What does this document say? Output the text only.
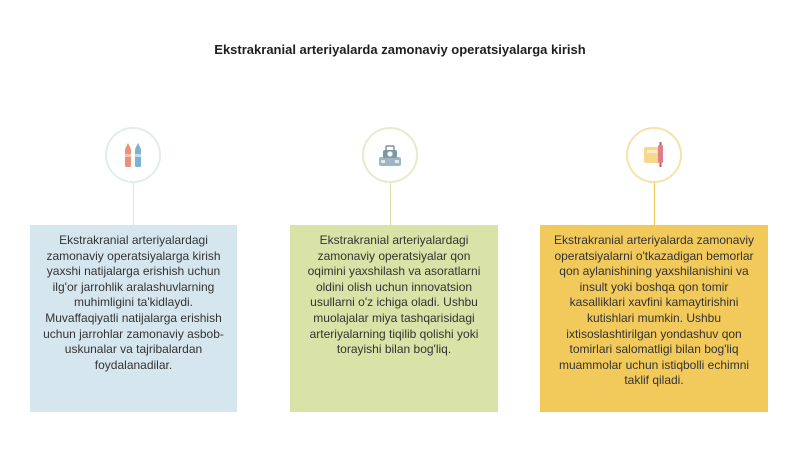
Ekstrakranial arteriyalarda zamonaviy operatsiyalarga kirish
Ekstrakranial arteriyalardagi zamonaviy operatsiyalarga kirish yaxshi natijalarga erishish uchun ilg'or jarrohlik aralashuvlarning muhimligini ta'kidlaydi. Muvaffaqiyatli natijalarga erishish uchun jarrohlar zamonaviy asbob-uskunalar va tajribalardan foydalanadilar.
Ekstrakranial arteriyalardagi zamonaviy operatsiyalar qon oqimini yaxshilash va asoratlarni oldini olish uchun innovatsion usullarni o'z ichiga oladi. Ushbu muolajalar miya tashqarisidagi arteriyalarning tiqilib qolishi yoki torayishi bilan bog'liq.
Ekstrakranial arteriyalarda zamonaviy operatsiyalarni o'tkazadigan bemorlar qon aylanishining yaxshilanishini va insult yoki boshqa qon tomir kasalliklari xavfini kamaytirishini kutishlari mumkin. Ushbu ixtisoslashtirilgan yondashuv qon tomirlari salomatligi bilan bog'liq muammolar uchun istiqbolli echimni taklif qiladi.
